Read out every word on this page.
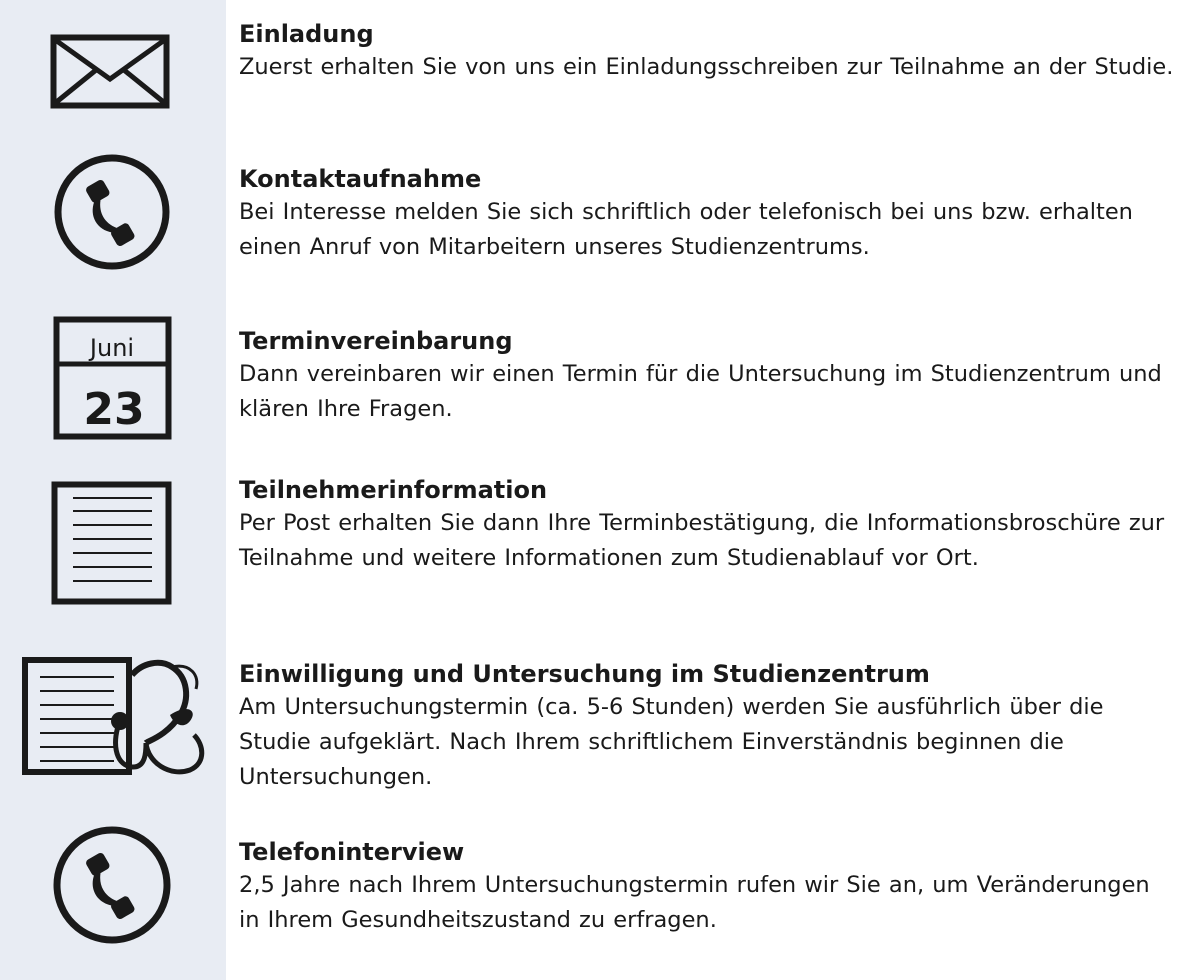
Juni
23

Einladung

Zuerst erhalten Sie von uns ein Einladungsschreiben zur Teilnahme an der Studie.

Kontaktaufnahme

Bei Interesse melden Sie sich schriftlich oder telefonisch bei uns bzw. erhalten einen Anruf von Mitarbeitern unseres Studienzentrums.

Terminvereinbarung

Dann vereinbaren wir einen Termin für die Untersuchung im Studienzentrum und klären Ihre Fragen.

Teilnehmerinformation

Per Post erhalten Sie dann Ihre Terminbestätigung, die Informationsbroschüre zur Teilnahme und weitere Informationen zum Studienablauf vor Ort.

Einwilligung und Untersuchung im Studienzentrum

Am Untersuchungstermin (ca. 5-6 Stunden) werden Sie ausführlich über die Studie aufgeklärt. Nach Ihrem schriftlichem Einverständnis beginnen die Untersuchungen.

Telefoninterview

2,5 Jahre nach Ihrem Untersuchungstermin rufen wir Sie an, um Veränderungen in Ihrem Gesundheitszustand zu erfragen.
